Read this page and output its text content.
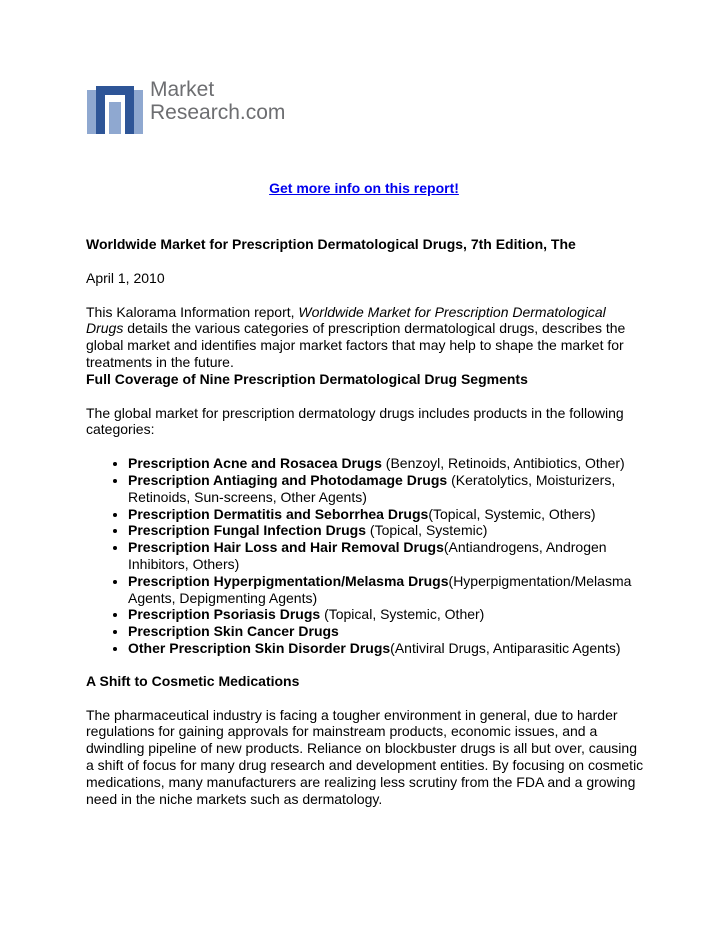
Market
Research.com
Get more info on this report!

Worldwide Market for Prescription Dermatological Drugs, 7th Edition, The

April 1, 2010

This Kalorama Information report, Worldwide Market for Prescription Dermatological Drugs details the various categories of prescription dermatological drugs, describes the global market and identifies major market factors that may help to shape the market for treatments in the future.

Full Coverage of Nine Prescription Dermatological Drug Segments

The global market for prescription dermatology drugs includes products in the following categories:

• Prescription Acne and Rosacea Drugs (Benzoyl, Retinoids, Antibiotics, Other)
• Prescription Antiaging and Photodamage Drugs (Keratolytics, Moisturizers, Retinoids, Sun-screens, Other Agents)
• Prescription Dermatitis and Seborrhea Drugs(Topical, Systemic, Others)
• Prescription Fungal Infection Drugs (Topical, Systemic)
• Prescription Hair Loss and Hair Removal Drugs(Antiandrogens, Androgen Inhibitors, Others)
• Prescription Hyperpigmentation/Melasma Drugs(Hyperpigmentation/Melasma Agents, Depigmenting Agents)
• Prescription Psoriasis Drugs (Topical, Systemic, Other)
• Prescription Skin Cancer Drugs
• Other Prescription Skin Disorder Drugs(Antiviral Drugs, Antiparasitic Agents)

A Shift to Cosmetic Medications

The pharmaceutical industry is facing a tougher environment in general, due to harder regulations for gaining approvals for mainstream products, economic issues, and a dwindling pipeline of new products. Reliance on blockbuster drugs is all but over, causing a shift of focus for many drug research and development entities. By focusing on cosmetic medications, many manufacturers are realizing less scrutiny from the FDA and a growing need in the niche markets such as dermatology.
